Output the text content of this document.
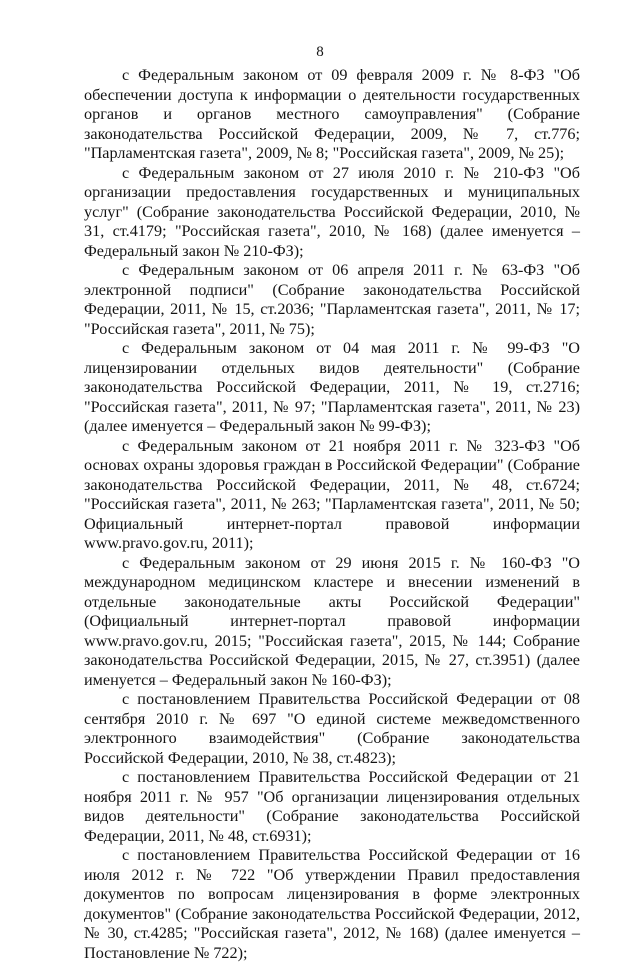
8

с Федеральным законом от 09 февраля 2009 г. № 8-ФЗ "Об обеспечении доступа к информации о деятельности государственных органов и органов местного самоуправления" (Собрание законодательства Российской Федерации, 2009, № 7, ст.776; "Парламентская газета", 2009, № 8; "Российская газета", 2009, № 25);

с Федеральным законом от 27 июля 2010 г. № 210-ФЗ "Об организации предоставления государственных и муниципальных услуг" (Собрание законодательства Российской Федерации, 2010, № 31, ст.4179; "Российская газета", 2010, № 168) (далее именуется – Федеральный закон № 210-ФЗ);

с Федеральным законом от 06 апреля 2011 г. № 63-ФЗ "Об электронной подписи" (Собрание законодательства Российской Федерации, 2011, № 15, ст.2036; "Парламентская газета", 2011, № 17; "Российская газета", 2011, № 75);

с Федеральным законом от 04 мая 2011 г. № 99-ФЗ "О лицензировании отдельных видов деятельности" (Собрание законодательства Российской Федерации, 2011, № 19, ст.2716; "Российская газета", 2011, № 97; "Парламентская газета", 2011, № 23) (далее именуется – Федеральный закон № 99-ФЗ);

с Федеральным законом от 21 ноября 2011 г. № 323-ФЗ "Об основах охраны здоровья граждан в Российской Федерации" (Собрание законодательства Российской Федерации, 2011, № 48, ст.6724; "Российская газета", 2011, № 263; "Парламентская газета", 2011, № 50; Официальный интернет-портал правовой информации www.pravo.gov.ru, 2011);

с Федеральным законом от 29 июня 2015 г. № 160-ФЗ "О международном медицинском кластере и внесении изменений в отдельные законодательные акты Российской Федерации" (Официальный интернет-портал правовой информации www.pravo.gov.ru, 2015; "Российская газета", 2015, № 144; Собрание законодательства Российской Федерации, 2015, № 27, ст.3951) (далее именуется – Федеральный закон № 160-ФЗ);

с постановлением Правительства Российской Федерации от 08 сентября 2010 г. № 697 "О единой системе межведомственного электронного взаимодействия" (Собрание законодательства Российской Федерации, 2010, № 38, ст.4823);

с постановлением Правительства Российской Федерации от 21 ноября 2011 г. № 957 "Об организации лицензирования отдельных видов деятельности" (Собрание законодательства Российской Федерации, 2011, № 48, ст.6931);

с постановлением Правительства Российской Федерации от 16 июля 2012 г. № 722 "Об утверждении Правил предоставления документов по вопросам лицензирования в форме электронных документов" (Собрание законодательства Российской Федерации, 2012, № 30, ст.4285; "Российская газета", 2012, № 168) (далее именуется – Постановление № 722);
